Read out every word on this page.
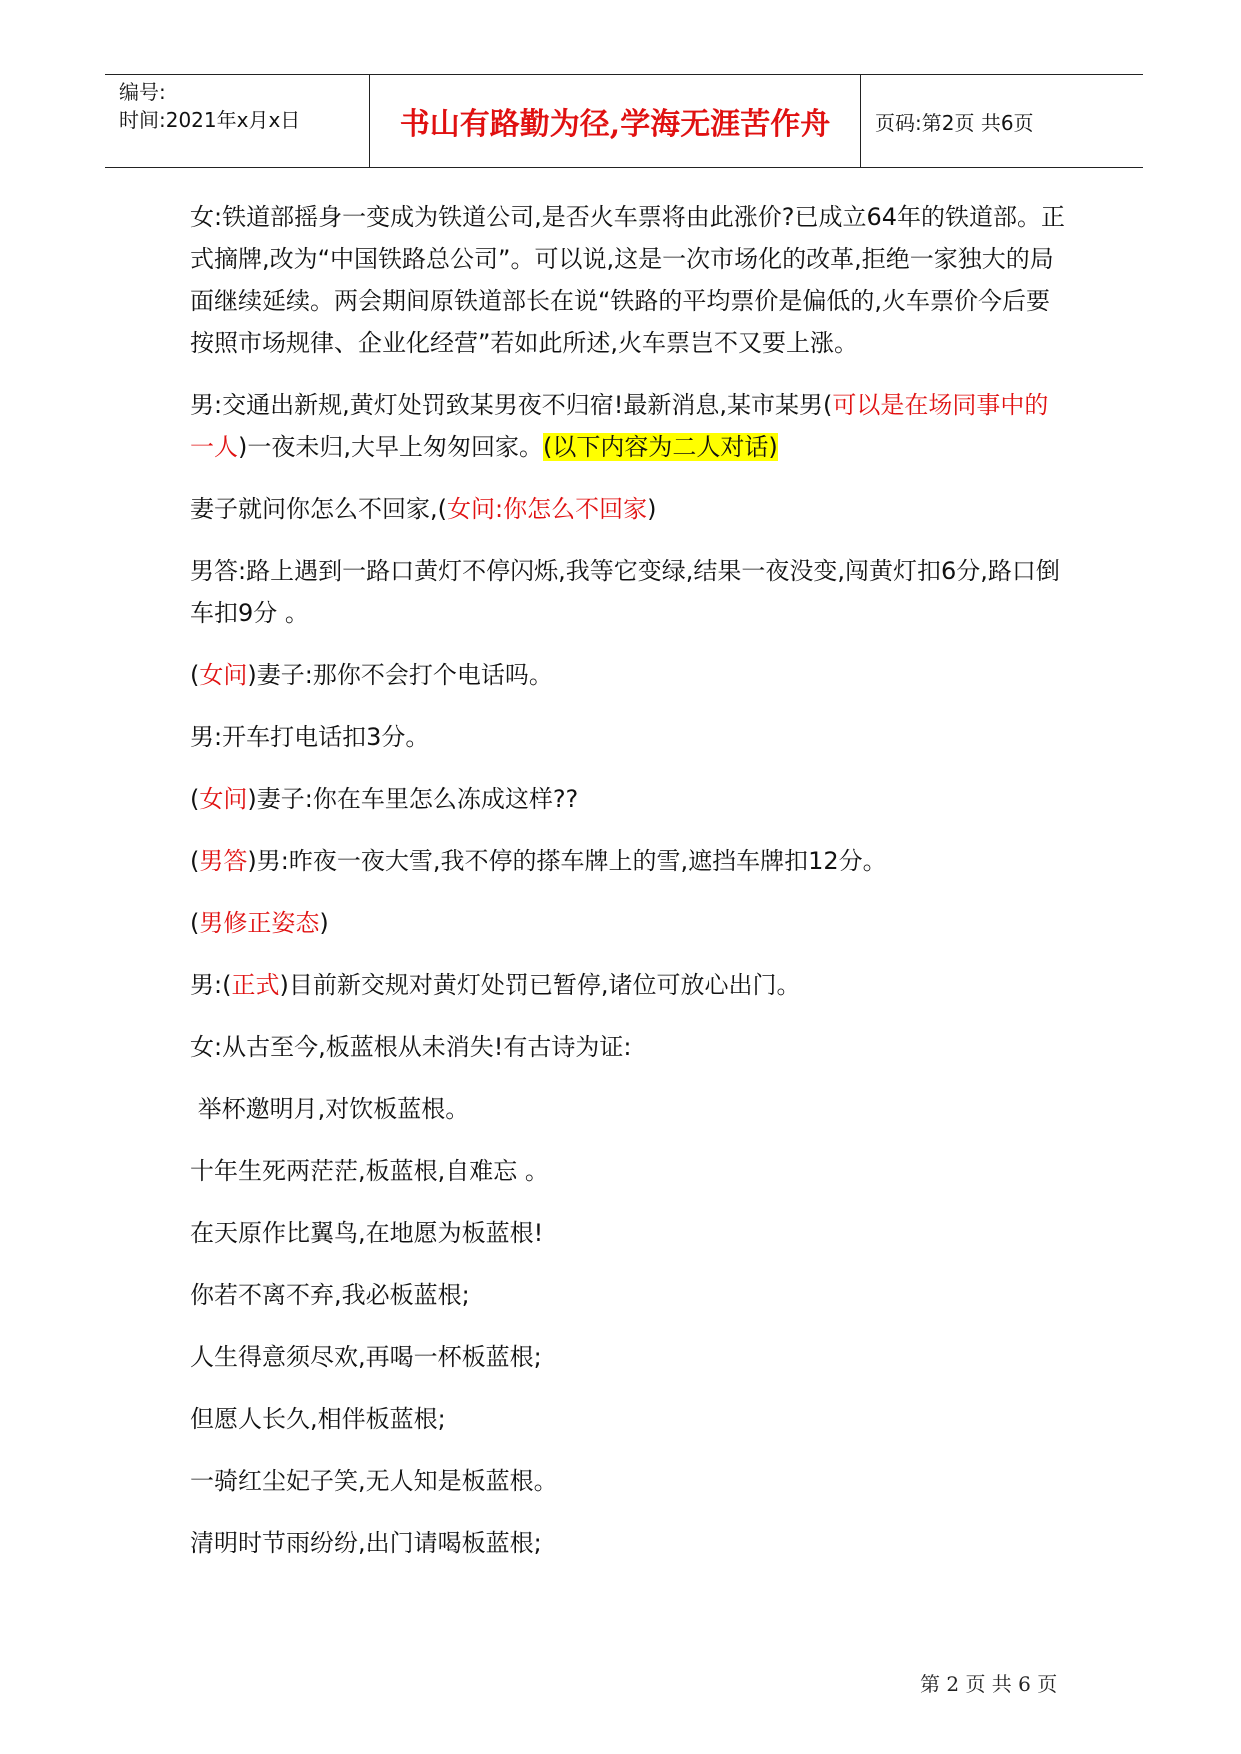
编号:
时间:2021年x月x日	书山有路勤为径,学海无涯苦作舟	页码:第2页 共6页

女:铁道部摇身一变成为铁道公司,是否火车票将由此涨价?已成立64年的铁道部。正式摘牌,改为“中国铁路总公司”。可以说,这是一次市场化的改革,拒绝一家独大的局面继续延续。两会期间原铁道部长在说“铁路的平均票价是偏低的,火车票价今后要按照市场规律、企业化经营”若如此所述,火车票岂不又要上涨。

男:交通出新规,黄灯处罚致某男夜不归宿!最新消息,某市某男(可以是在场同事中的一人)一夜未归,大早上匆匆回家。(以下内容为二人对话)

妻子就问你怎么不回家,(女问:你怎么不回家)

男答:路上遇到一路口黄灯不停闪烁,我等它变绿,结果一夜没变,闯黄灯扣6分,路口倒车扣9分 。

(女问)妻子:那你不会打个电话吗。

男:开车打电话扣3分。

(女问)妻子:你在车里怎么冻成这样??

(男答)男:昨夜一夜大雪,我不停的搽车牌上的雪,遮挡车牌扣12分。

(男修正姿态)

男:(正式)目前新交规对黄灯处罚已暂停,诸位可放心出门。

女:从古至今,板蓝根从未消失!有古诗为证:

举杯邀明月,对饮板蓝根。

十年生死两茫茫,板蓝根,自难忘 。

在天原作比翼鸟,在地愿为板蓝根!

你若不离不弃,我必板蓝根;

人生得意须尽欢,再喝一杯板蓝根;

但愿人长久,相伴板蓝根;

一骑红尘妃子笑,无人知是板蓝根。

清明时节雨纷纷,出门请喝板蓝根;

第 2 页 共 6 页
